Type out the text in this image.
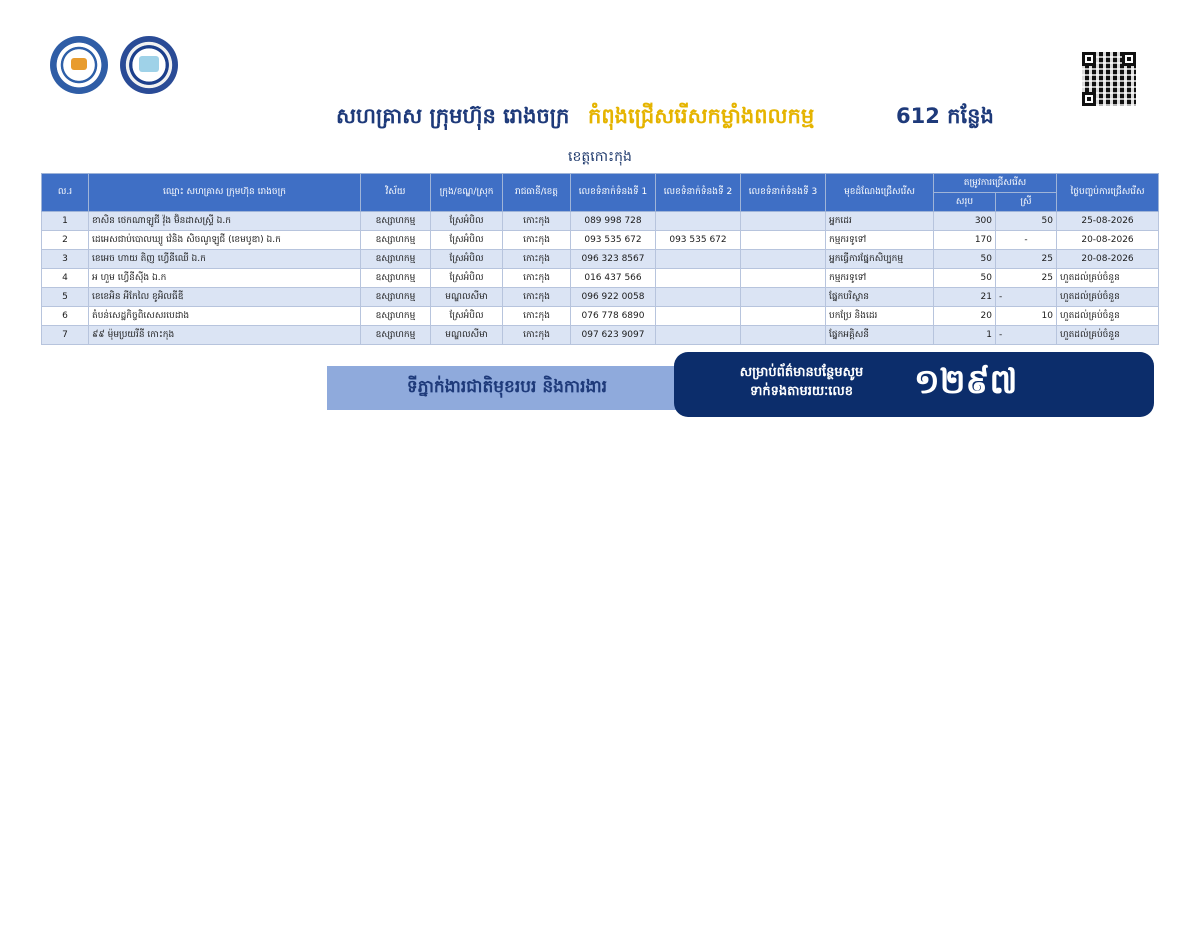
សហគ្រាស ក្រុមហ៊ុន រោងចក្រ កំពុងជ្រើសរើសកម្លាំងពលកម្ម	612 កន្លែង
ខេត្តកោះកុង
ល.រ	ឈ្មោះ សហគ្រាស ក្រុមហ៊ុន រោងចក្រ	វិស័យ	ក្រុង/ខណ្ឌ/ស្រុក	រាជធានី/ខេត្ត	លេខទំនាក់ទំនងទី 1	លេខទំនាក់ទំនងទី 2	លេខទំនាក់ទំនងទី 3	មុខដំណែងជ្រើសរើស	តម្រូវការជ្រើសរើស		ថ្ងៃបញ្ចប់ការជ្រើសរើស
									សរុប	ស្រី	
1	ខាសិន ថេកណាឡូជី វ៉ុង ម៊ិនដាសស្ទ្រី ឯ.ក	ឧស្សាហកម្ម	ស្រែអំបិល	កោះកុង	089 998 728			អ្នកដេរ	300	50	25-08-2026
2	ដេអេសជាប់បោលឃ្យូ វ៉េនិង សិចណូឡូជី (ខេមបូឌា) ឯ.ក	ឧស្សាហកម្ម	ស្រែអំបិល	កោះកុង	093 535 672	093 535 672		កម្មករទូទៅ	170	-	20-08-2026
3	ខេអេច ហាយ តិញ ហ្វើនីឈើ ឯ.ក	ឧស្សាហកម្ម	ស្រែអំបិល	កោះកុង	096 323 8567			អ្នកធ្វើការផ្នែកសិប្បកម្ម	50	25	20-08-2026
4	អ ហួម ហ្វើនីស៊ីង ឯ.ក	ឧស្សាហកម្ម	ស្រែអំបិល	កោះកុង	016 437 566			កម្មករទូទៅ	50	25	ហួតដល់គ្រប់ចំនួន
5	ខេខេអិន អីកែលៃ ខូអិលធីឌី	ឧស្សាហកម្ម	មណ្ឌលសីមា	កោះកុង	096 922 0058			ផ្នែកបរិស្ថាន	21	-	ហួតដល់គ្រប់ចំនួន
6	តំបន់សេដ្ឋកិច្ចពិសេសរបេដាង	ឧស្សាហកម្ម	ស្រែអំបិល	កោះកុង	076 778 6890			បកប្រែ និងដេរ	20	10	ហួតដល់គ្រប់ចំនួន
7	៩៩ ម៉ុមប្រយរីនី កោះកុង	ឧស្សាហកម្ម	មណ្ឌលសីមា	កោះកុង	097 623 9097			ផ្នែកអគ្គិសនី	1	-	ហួតដល់គ្រប់ចំនួន
ទីភ្នាក់ងារជាតិមុខរបរ និងការងារ
សម្រាប់ព័ត៌មានបន្ថែមសូម
ទាក់ទងតាមរយៈលេខ	១២៩៧
